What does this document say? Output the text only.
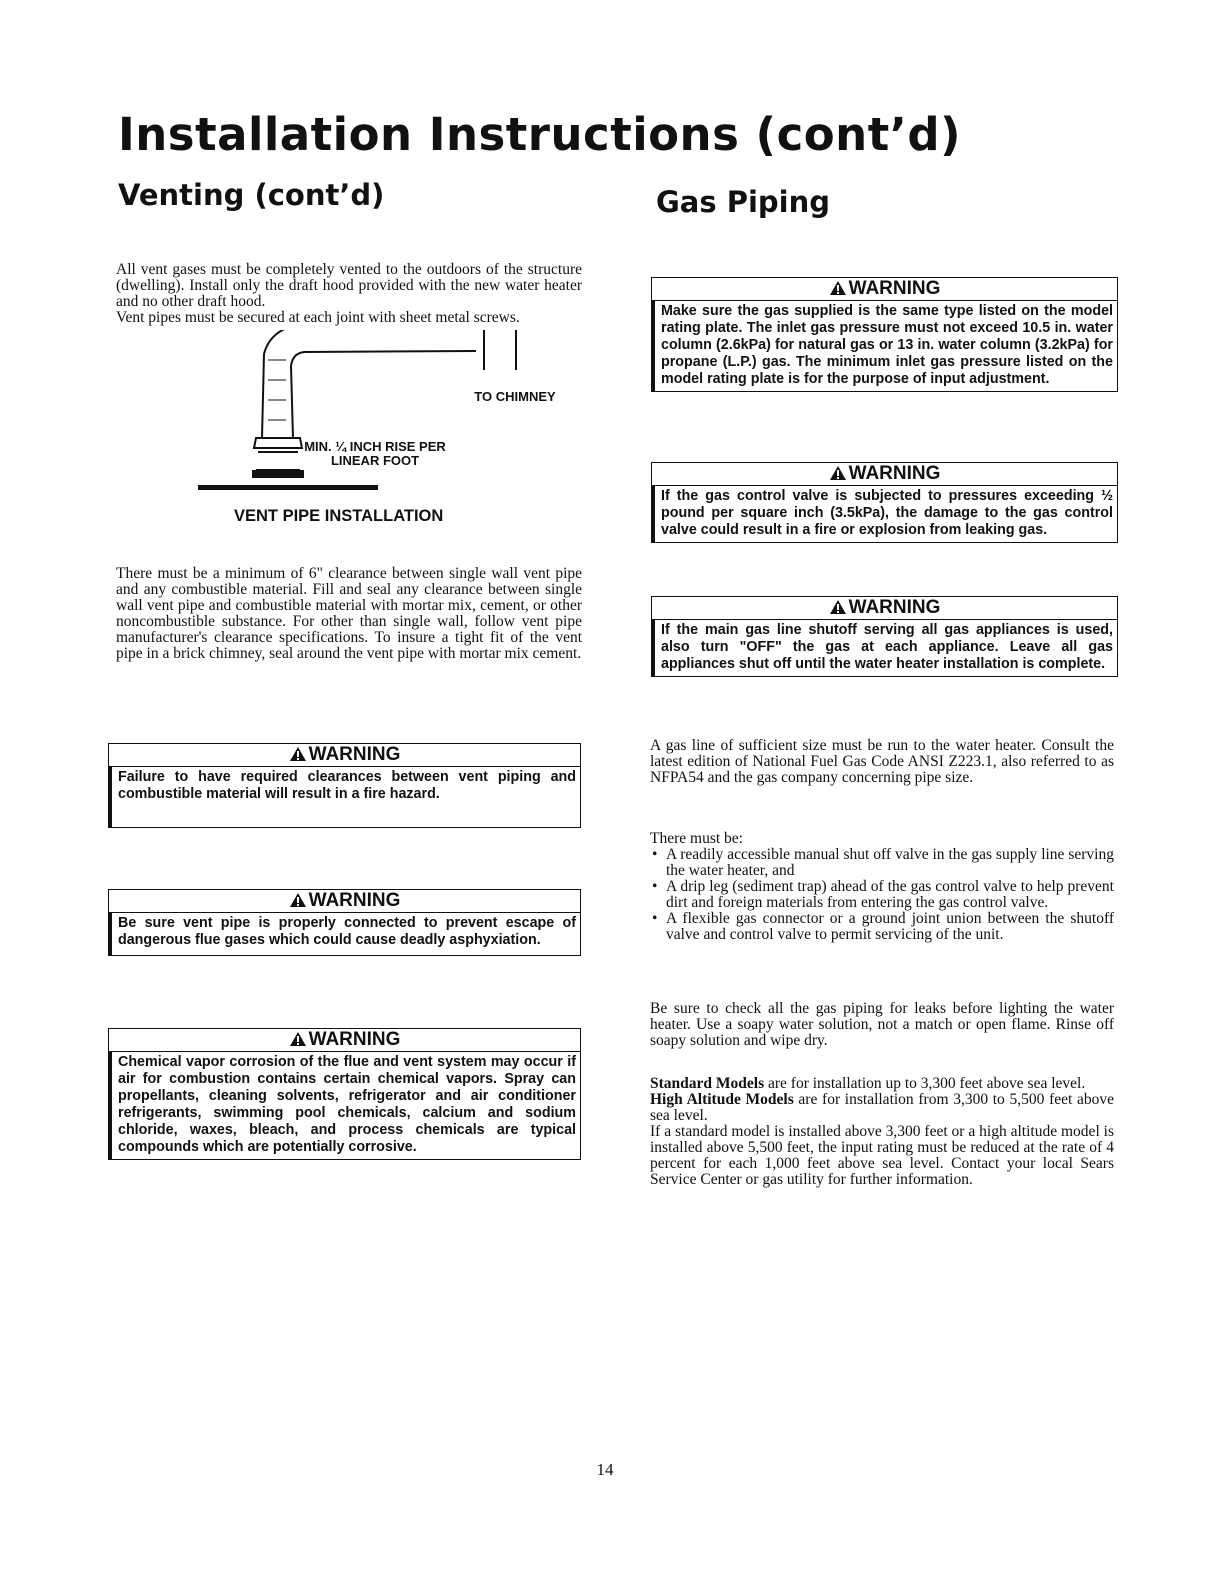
Installation Instructions (cont’d)
Venting (cont’d)	Gas Piping

All vent gases must be completely vented to the outdoors of the structure (dwelling). Install only the draft hood provided with the new water heater and no other draft hood.

Vent pipes must be secured at each joint with sheet metal screws.

TO CHIMNEY
MIN. ¼ INCH RISE PER LINEAR FOOT
VENT PIPE INSTALLATION
There must be a minimum of 6" clearance between single wall vent pipe and any combustible material. Fill and seal any clearance between single wall vent pipe and combustible material with mortar mix, cement, or other noncombustible substance. For other than single wall, follow vent pipe manufacturer's clearance specifications. To insure a tight fit of the vent pipe in a brick chimney, seal around the vent pipe with mortar mix cement.
WARNING
Failure to have required clearances between vent piping and combustible material will result in a fire hazard.
WARNING
Be sure vent pipe is properly connected to prevent escape of dangerous flue gases which could cause deadly asphyxiation.
WARNING
Chemical vapor corrosion of the flue and vent system may occur if air for combustion contains certain chemical vapors. Spray can propellants, cleaning solvents, refrigerator and air conditioner refrigerants, swimming pool chemicals, calcium and sodium chloride, waxes, bleach, and process chemicals are typical compounds which are potentially corrosive.
WARNING
Make sure the gas supplied is the same type listed on the model rating plate. The inlet gas pressure must not exceed 10.5 in. water column (2.6kPa) for natural gas or 13 in. water column (3.2kPa) for propane (L.P.) gas. The minimum inlet gas pressure listed on the model rating plate is for the purpose of input adjustment.
WARNING
If the gas control valve is subjected to pressures exceeding ½ pound per square inch (3.5kPa), the damage to the gas control valve could result in a fire or explosion from leaking gas.
WARNING
If the main gas line shutoff serving all gas appliances is used, also turn "OFF" the gas at each appliance. Leave all gas appliances shut off until the water heater installation is complete.
A gas line of sufficient size must be run to the water heater. Consult the latest edition of National Fuel Gas Code ANSI Z223.1, also referred to as NFPA54 and the gas company concerning pipe size.

There must be:

• A readily accessible manual shut off valve in the gas supply line serving the water heater, and
• A drip leg (sediment trap) ahead of the gas control valve to help prevent dirt and foreign materials from entering the gas control valve.
• A flexible gas connector or a ground joint union between the shutoff valve and control valve to permit servicing of the unit.
Be sure to check all the gas piping for leaks before lighting the water heater. Use a soapy water solution, not a match or open flame. Rinse off soapy solution and wipe dry.

Standard Models are for installation up to 3,300 feet above sea level.

High Altitude Models are for installation from 3,300 to 5,500 feet above sea level.

If a standard model is installed above 3,300 feet or a high altitude model is installed above 5,500 feet, the input rating must be reduced at the rate of 4 percent for each 1,000 feet above sea level. Contact your local Sears Service Center or gas utility for further information.

14
